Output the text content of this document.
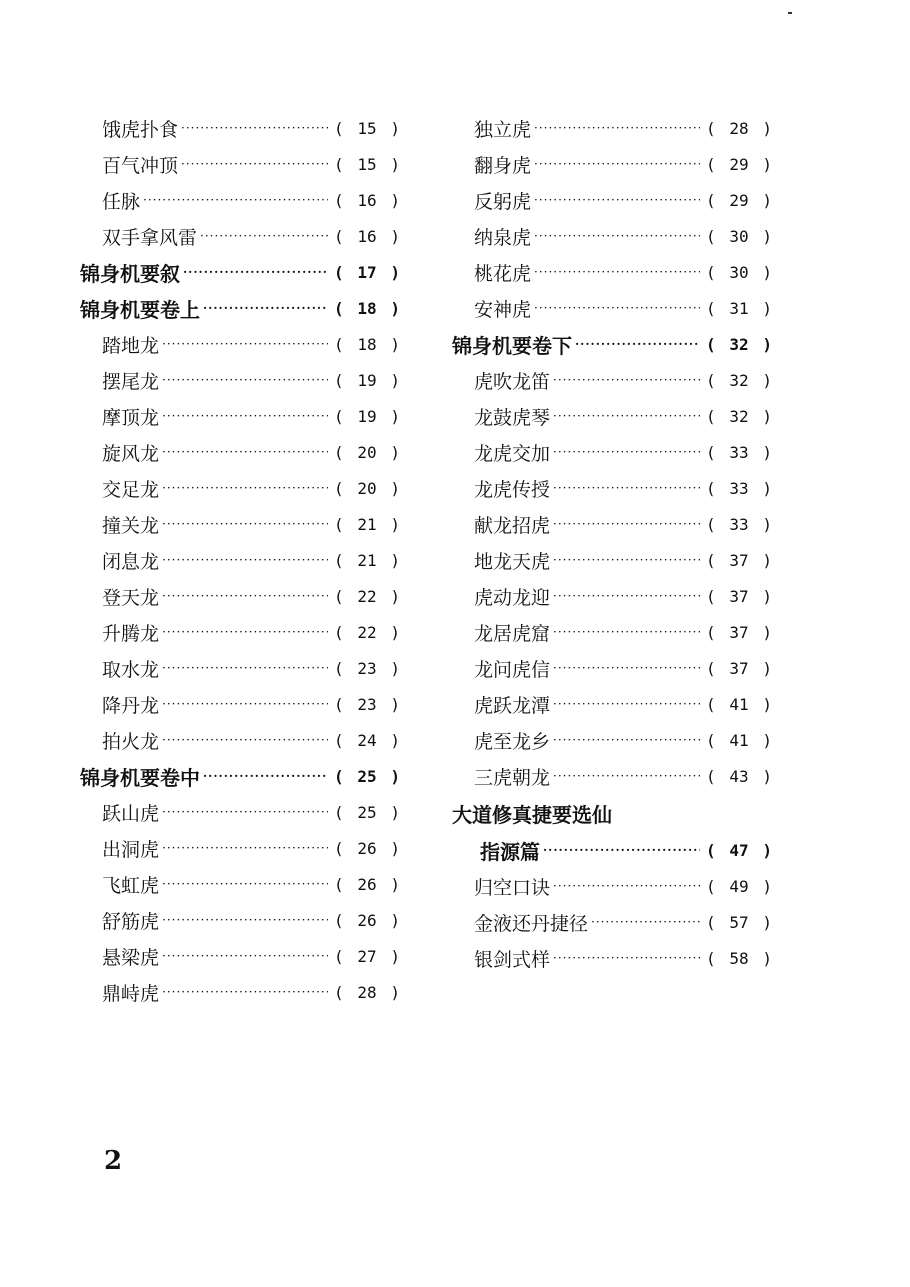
饿虎扑食 ·····	( 15 )
百气冲顶 ·····	( 15 )
任脉 ·····	( 16 )
双手拿风雷 ·····	( 16 )
锦身机要叙 ·····	( 17 )
锦身机要卷上 ·····	( 18 )
踏地龙 ·····	( 18 )
摆尾龙 ·····	( 19 )
摩顶龙 ·····	( 19 )
旋风龙 ·····	( 20 )
交足龙 ·····	( 20 )
撞关龙 ·····	( 21 )
闭息龙 ·····	( 21 )
登天龙 ·····	( 22 )
升腾龙 ·····	( 22 )
取水龙 ·····	( 23 )
降丹龙 ·····	( 23 )
拍火龙 ·····	( 24 )
锦身机要卷中 ·····	( 25 )
跃山虎 ·····	( 25 )
出洞虎 ·····	( 26 )
飞虹虎 ·····	( 26 )
舒筋虎 ·····	( 26 )
悬梁虎 ·····	( 27 )
鼎峙虎 ·····	( 28 )
独立虎 ·····	( 28 )
翻身虎 ·····	( 29 )
反躬虎 ·····	( 29 )
纳泉虎 ·····	( 30 )
桃花虎 ·····	( 30 )
安神虎 ·····	( 31 )
锦身机要卷下 ·····	( 32 )
虎吹龙笛 ·····	( 32 )
龙鼓虎琴 ·····	( 32 )
龙虎交加 ·····	( 33 )
龙虎传授 ·····	( 33 )
献龙招虎 ·····	( 33 )
地龙天虎 ·····	( 37 )
虎动龙迎 ·····	( 37 )
龙居虎窟 ·····	( 37 )
龙问虎信 ·····	( 37 )
虎跃龙潭 ·····	( 41 )
虎至龙乡 ·····	( 41 )
三虎朝龙 ·····	( 43 )
大道修真捷要选仙
指源篇 ·····	( 47 )
归空口诀 ·····	( 49 )
金液还丹捷径 ·····	( 57 )
银剑式样 ·····	( 58 )
2
